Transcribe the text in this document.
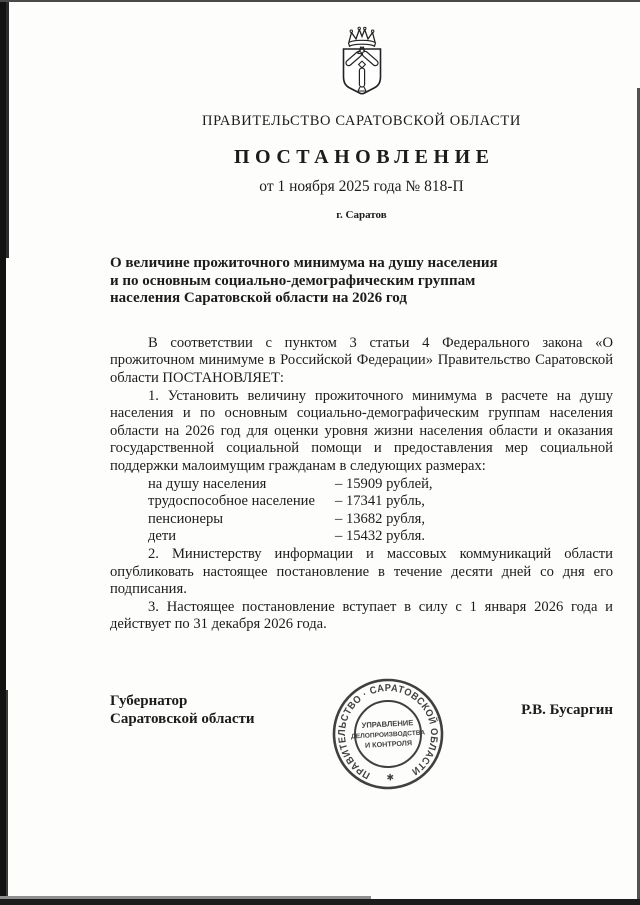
ПРАВИТЕЛЬСТВО САРАТОВСКОЙ ОБЛАСТИ
ПОСТАНОВЛЕНИЕ
от 1 ноября 2025 года № 818-П
г. Саратов
О величине прожиточного минимума на душу населения
и по основным социально-демографическим группам
населения Саратовской области на 2026 год

В соответствии с пунктом 3 статьи 4 Федерального закона «О прожиточном минимуме в Российской Федерации» Правительство Саратовской области ПОСТАНОВЛЯЕТ:

1. Установить величину прожиточного минимума в расчете на душу населения и по основным социально-демографическим группам населения области на 2026 год для оценки уровня жизни населения области и оказания государственной социальной помощи и предоставления мер социальной поддержки малоимущим гражданам в следующих размерах:

на душу населения	– 15909 рублей,
трудоспособное население	– 17341 рубль,
пенсионеры	– 13682 рубля,
дети	– 15432 рубля.

2. Министерству информации и массовых коммуникаций области опубликовать настоящее постановление в течение десяти дней со дня его подписания.

3. Настоящее постановление вступает в силу с 1 января 2026 года и действует по 31 декабря 2026 года.

Губернатор
Саратовской области
Р.В. Бусаргин
ПРАВИТЕЛЬСТВО · САРАТОВСКОЙ ОБЛАСТИ
УПРАВЛЕНИЕ
ДЕЛОПРОИЗВОДСТВА
И КОНТРОЛЯ
✱
